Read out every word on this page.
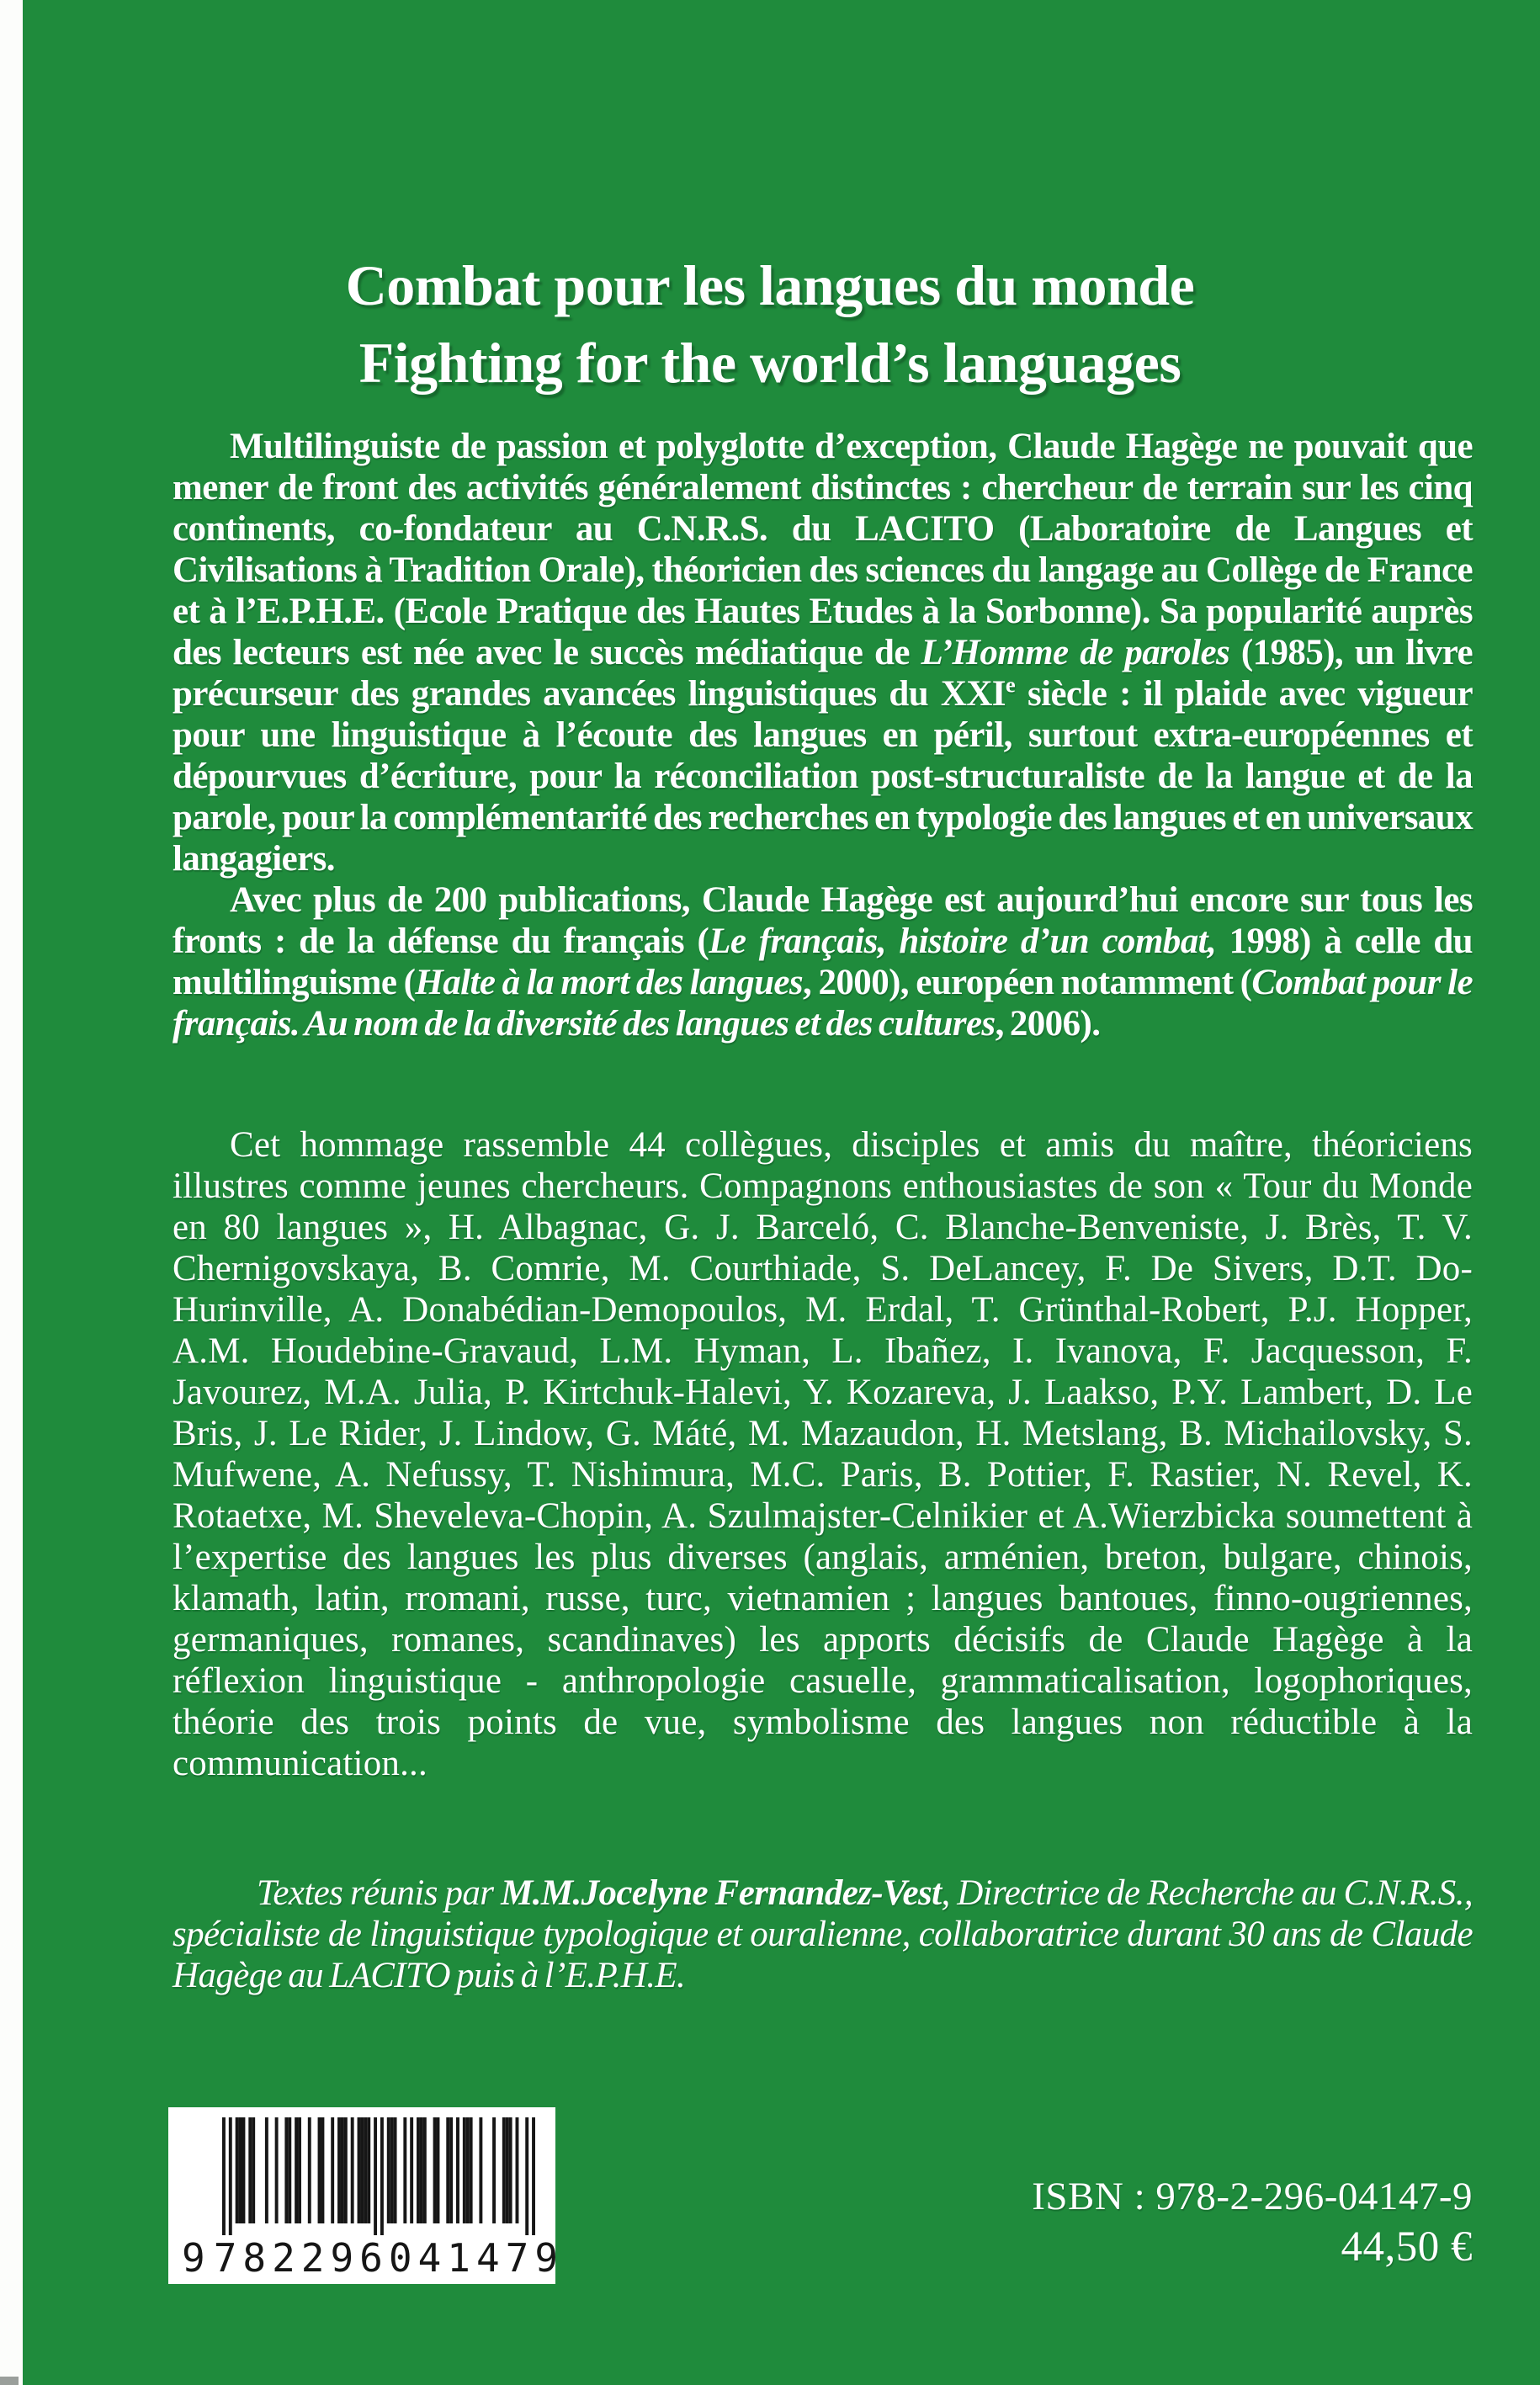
Combat pour les langues du monde
Fighting for the world’s languages

Multilinguiste de passion et polyglotte d’exception, Claude Hagège ne pouvait que mener de front des activités généralement distinctes : chercheur de terrain sur les cinq continents, co-fondateur au C.N.R.S. du LACITO (Laboratoire de Langues et Civilisations à Tradition Orale), théoricien des sciences du langage au Collège de France et à l’E.P.H.E. (Ecole Pratique des Hautes Etudes à la Sorbonne). Sa popularité auprès des lecteurs est née avec le succès médiatique de L’Homme de paroles (1985), un livre précurseur des grandes avancées linguistiques du XXIe siècle : il plaide avec vigueur pour une linguistique à l’écoute des langues en péril, surtout extra-européennes et dépourvues d’écriture, pour la réconciliation post-structuraliste de la langue et de la parole, pour la complémentarité des recherches en typologie des langues et en universaux langagiers.

Avec plus de 200 publications, Claude Hagège est aujourd’hui encore sur tous les fronts : de la défense du français (Le français, histoire d’un combat, 1998) à celle du multilinguisme (Halte à la mort des langues, 2000), européen notamment (Combat pour le français. Au nom de la diversité des langues et des cultures, 2006).

Cet hommage rassemble 44 collègues, disciples et amis du maître, théoriciens illustres comme jeunes chercheurs. Compagnons enthousiastes de son « Tour du Monde en 80 langues », H. Albagnac, G. J. Barceló, C. Blanche-Benveniste, J. Brès, T. V. Chernigovskaya, B. Comrie, M. Courthiade, S. DeLancey, F. De Sivers, D.T. Do-Hurinville, A. Donabédian-Demopoulos, M. Erdal, T. Grünthal-Robert, P.J. Hopper, A.M. Houdebine-Gravaud, L.M. Hyman, L. Ibañez, I. Ivanova, F. Jacquesson, F. Javourez, M.A. Julia, P. Kirtchuk-Halevi, Y. Kozareva, J. Laakso, P.Y. Lambert, D. Le Bris, J. Le Rider, J. Lindow, G. Máté, M. Mazaudon, H. Metslang, B. Michailovsky, S. Mufwene, A. Nefussy, T. Nishimura, M.C. Paris, B. Pottier, F. Rastier, N. Revel, K. Rotaetxe, M. Sheveleva-Chopin, A. Szulmajster-Celnikier et A.Wierzbicka soumettent à l’expertise des langues les plus diverses (anglais, arménien, breton, bulgare, chinois, klamath, latin, rromani, russe, turc, vietnamien ; langues bantoues, finno-ougriennes, germaniques, romanes, scandinaves) les apports décisifs de Claude Hagège à la réflexion linguistique - anthropologie casuelle, grammaticalisation, logophoriques, théorie des trois points de vue, symbolisme des langues non réductible à la communication...

Textes réunis par M.M.Jocelyne Fernandez-Vest, Directrice de Recherche au C.N.R.S., spécialiste de linguistique typologique et ouralienne, collaboratrice durant 30 ans de Claude Hagège au LACITO puis à l’E.P.H.E.

9 782296 041479
ISBN : 978-2-296-04147-9
44,50 €
